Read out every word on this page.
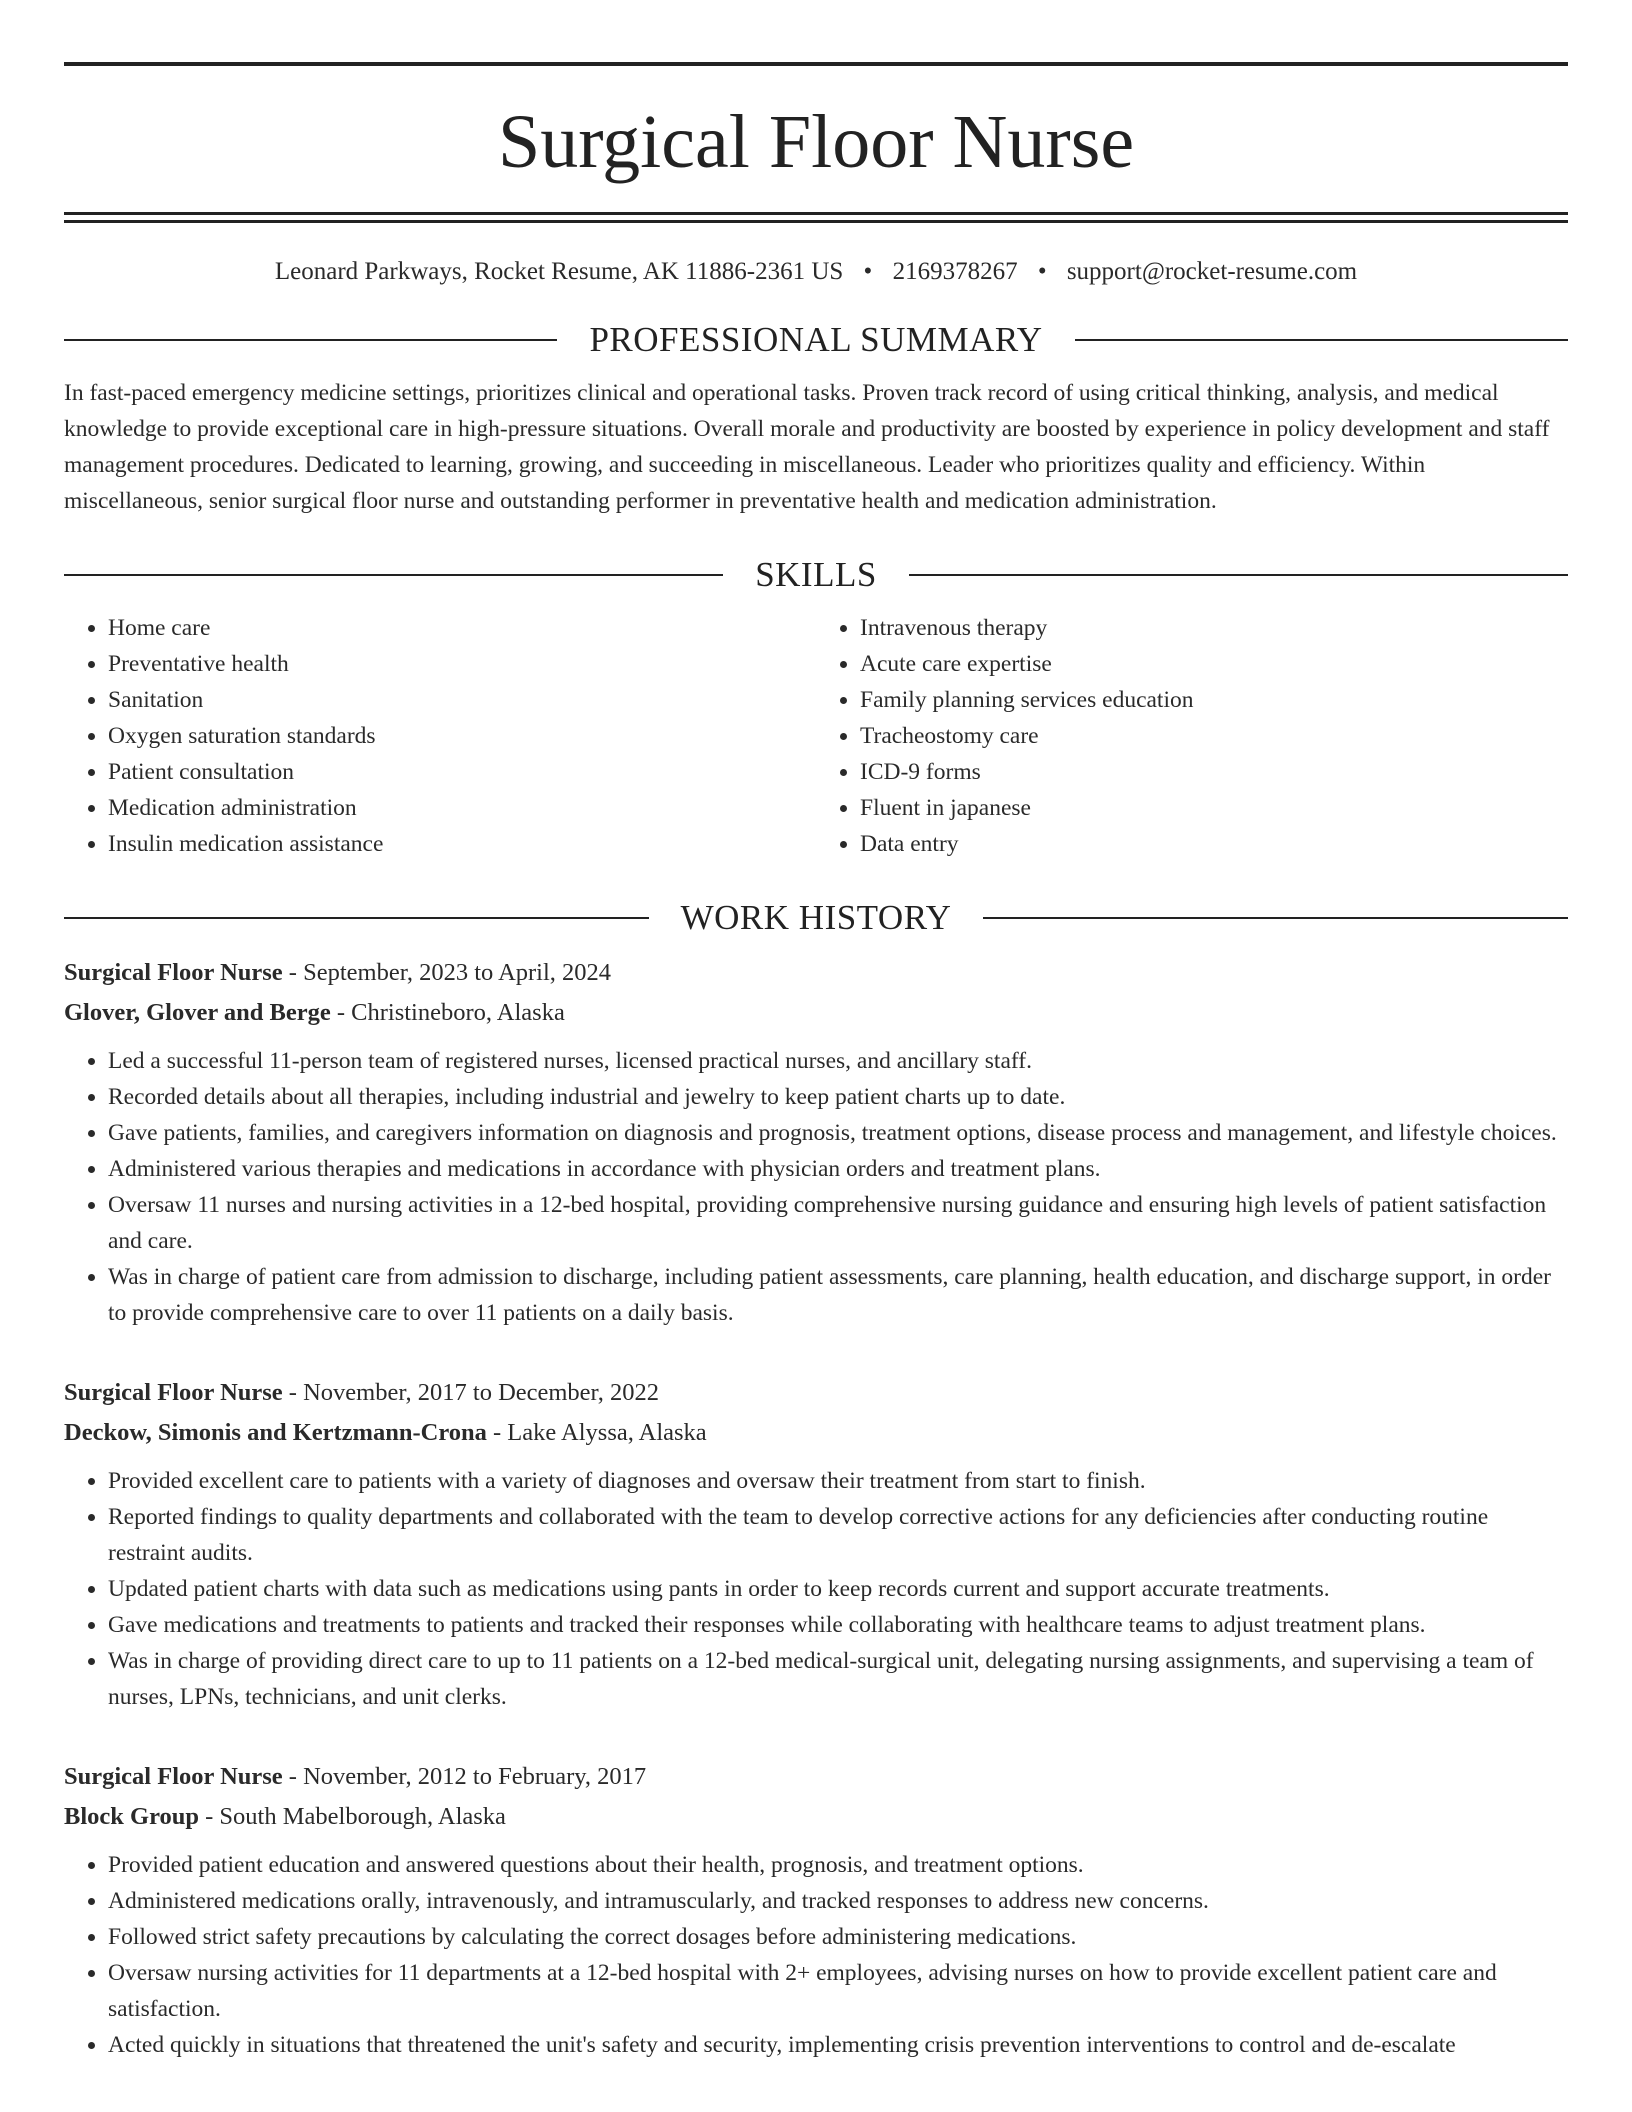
Surgical Floor Nurse
Leonard Parkways, Rocket Resume, AK 11886-2361 US • 2169378267 • support@rocket-resume.com
PROFESSIONAL SUMMARY

In fast-paced emergency medicine settings, prioritizes clinical and operational tasks. Proven track record of using critical thinking, analysis, and medical knowledge to provide exceptional care in high-pressure situations. Overall morale and productivity are boosted by experience in policy development and staff management procedures. Dedicated to learning, growing, and succeeding in miscellaneous. Leader who prioritizes quality and efficiency. Within miscellaneous, senior surgical floor nurse and outstanding performer in preventative health and medication administration.

SKILLS
• Home care
• Preventative health
• Sanitation
• Oxygen saturation standards
• Patient consultation
• Medication administration
• Insulin medication assistance
• Intravenous therapy
• Acute care expertise
• Family planning services education
• Tracheostomy care
• ICD-9 forms
• Fluent in japanese
• Data entry
WORK HISTORY
Surgical Floor Nurse - September, 2023 to April, 2024
Glover, Glover and Berge - Christineboro, Alaska
• Led a successful 11-person team of registered nurses, licensed practical nurses, and ancillary staff.
• Recorded details about all therapies, including industrial and jewelry to keep patient charts up to date.
• Gave patients, families, and caregivers information on diagnosis and prognosis, treatment options, disease process and management, and lifestyle choices.
• Administered various therapies and medications in accordance with physician orders and treatment plans.
• Oversaw 11 nurses and nursing activities in a 12-bed hospital, providing comprehensive nursing guidance and ensuring high levels of patient satisfaction and care.
• Was in charge of patient care from admission to discharge, including patient assessments, care planning, health education, and discharge support, in order to provide comprehensive care to over 11 patients on a daily basis.
Surgical Floor Nurse - November, 2017 to December, 2022
Deckow, Simonis and Kertzmann-Crona - Lake Alyssa, Alaska
• Provided excellent care to patients with a variety of diagnoses and oversaw their treatment from start to finish.
• Reported findings to quality departments and collaborated with the team to develop corrective actions for any deficiencies after conducting routine restraint audits.
• Updated patient charts with data such as medications using pants in order to keep records current and support accurate treatments.
• Gave medications and treatments to patients and tracked their responses while collaborating with healthcare teams to adjust treatment plans.
• Was in charge of providing direct care to up to 11 patients on a 12-bed medical-surgical unit, delegating nursing assignments, and supervising a team of nurses, LPNs, technicians, and unit clerks.
Surgical Floor Nurse - November, 2012 to February, 2017
Block Group - South Mabelborough, Alaska
• Provided patient education and answered questions about their health, prognosis, and treatment options.
• Administered medications orally, intravenously, and intramuscularly, and tracked responses to address new concerns.
• Followed strict safety precautions by calculating the correct dosages before administering medications.
• Oversaw nursing activities for 11 departments at a 12-bed hospital with 2+ employees, advising nurses on how to provide excellent patient care and satisfaction.
• Acted quickly in situations that threatened the unit's safety and security, implementing crisis prevention interventions to control and de-escalate
